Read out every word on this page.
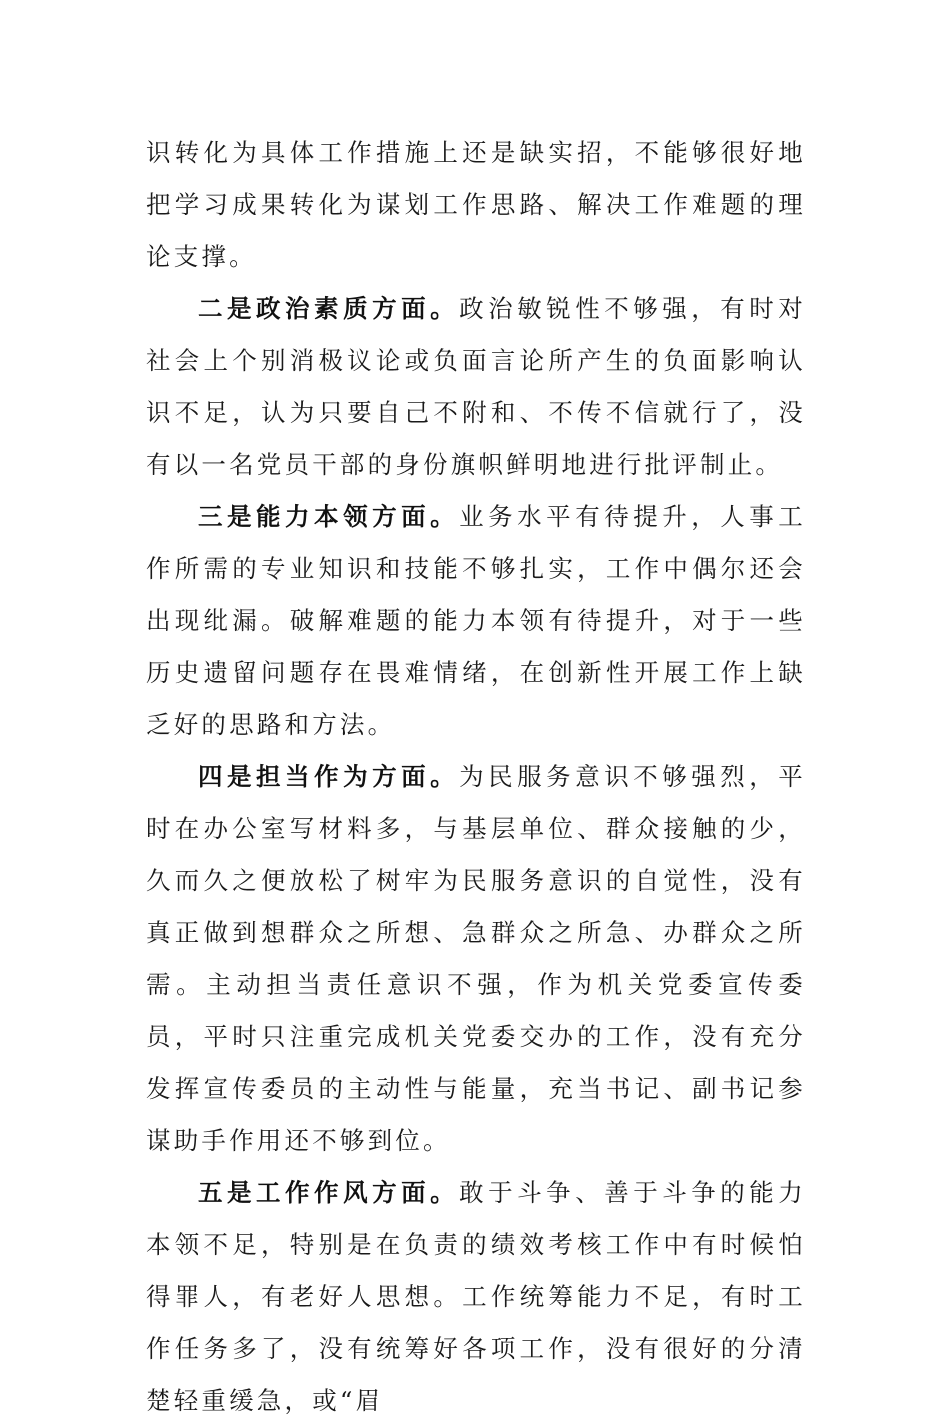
识转化为具体工作措施上还是缺实招，不能够很好地把学习成果转化为谋划工作思路、解决工作难题的理论支撑。

二是政治素质方面。政治敏锐性不够强，有时对社会上个别消极议论或负面言论所产生的负面影响认识不足，认为只要自己不附和、不传不信就行了，没有以一名党员干部的身份旗帜鲜明地进行批评制止。

三是能力本领方面。业务水平有待提升，人事工作所需的专业知识和技能不够扎实，工作中偶尔还会出现纰漏。破解难题的能力本领有待提升，对于一些历史遗留问题存在畏难情绪，在创新性开展工作上缺乏好的思路和方法。

四是担当作为方面。为民服务意识不够强烈，平时在办公室写材料多，与基层单位、群众接触的少，久而久之便放松了树牢为民服务意识的自觉性，没有真正做到想群众之所想、急群众之所急、办群众之所需。主动担当责任意识不强，作为机关党委宣传委员，平时只注重完成机关党委交办的工作，没有充分发挥宣传委员的主动性与能量，充当书记、副书记参谋助手作用还不够到位。

五是工作作风方面。敢于斗争、善于斗争的能力本领不足，特别是在负责的绩效考核工作中有时候怕得罪人，有老好人思想。工作统筹能力不足，有时工作任务多了，没有统筹好各项工作，没有很好的分清楚轻重缓急，或“眉
